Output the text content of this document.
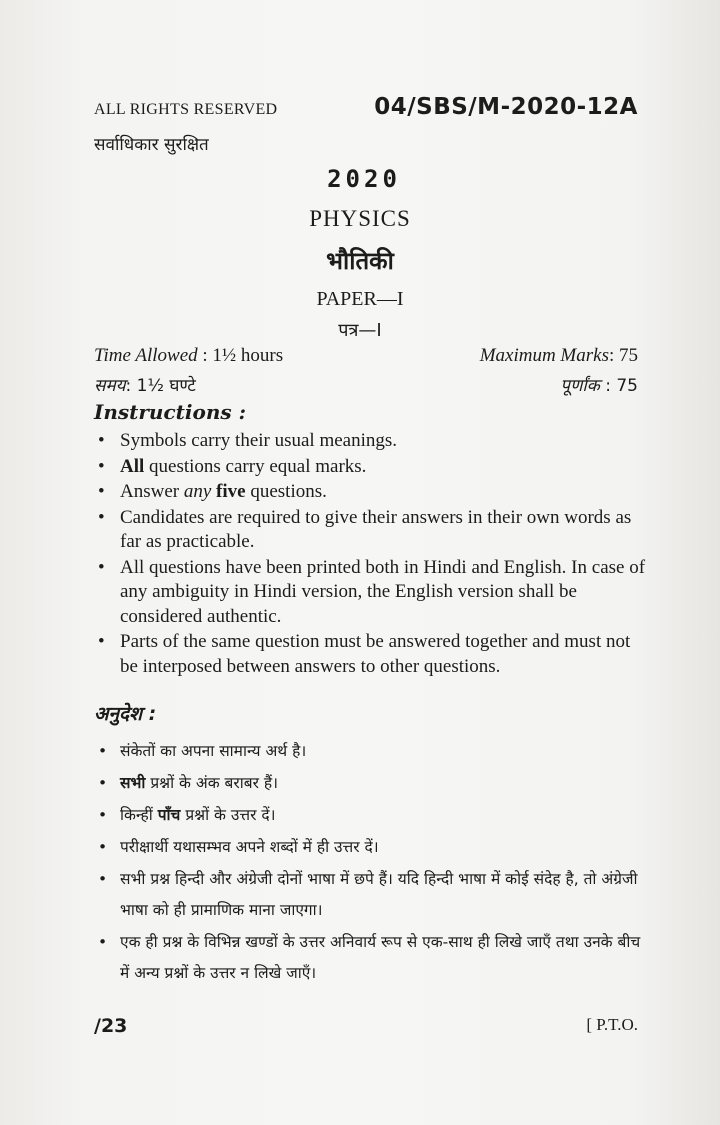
ALL RIGHTS RESERVED
सर्वाधिकार सुरक्षित
04/SBS/M-2020-12A
2020
PHYSICS
भौतिकी
PAPER—I
पत्र—I
Time Allowed : 1½ hours	Maximum Marks: 75
समय: 1½ घण्टे	पूर्णांक : 75
Instructions :
• Symbols carry their usual meanings.
• All questions carry equal marks.
• Answer any five questions.
• Candidates are required to give their answers in their own words as far as practicable.
• All questions have been printed both in Hindi and English. In case of any ambiguity in Hindi version, the English version shall be considered authentic.
• Parts of the same question must be answered together and must not be interposed between answers to other questions.
अनुदेश :
• संकेतों का अपना सामान्य अर्थ है।
• सभी प्रश्नों के अंक बराबर हैं।
• किन्हीं पाँच प्रश्नों के उत्तर दें।
• परीक्षार्थी यथासम्भव अपने शब्दों में ही उत्तर दें।
• सभी प्रश्न हिन्दी और अंग्रेजी दोनों भाषा में छपे हैं। यदि हिन्दी भाषा में कोई संदेह है, तो अंग्रेजी भाषा को ही प्रामाणिक माना जाएगा।
• एक ही प्रश्न के विभिन्न खण्डों के उत्तर अनिवार्य रूप से एक-साथ ही लिखे जाएँ तथा उनके बीच में अन्य प्रश्नों के उत्तर न लिखे जाएँ।
/23	[ P.T.O.
